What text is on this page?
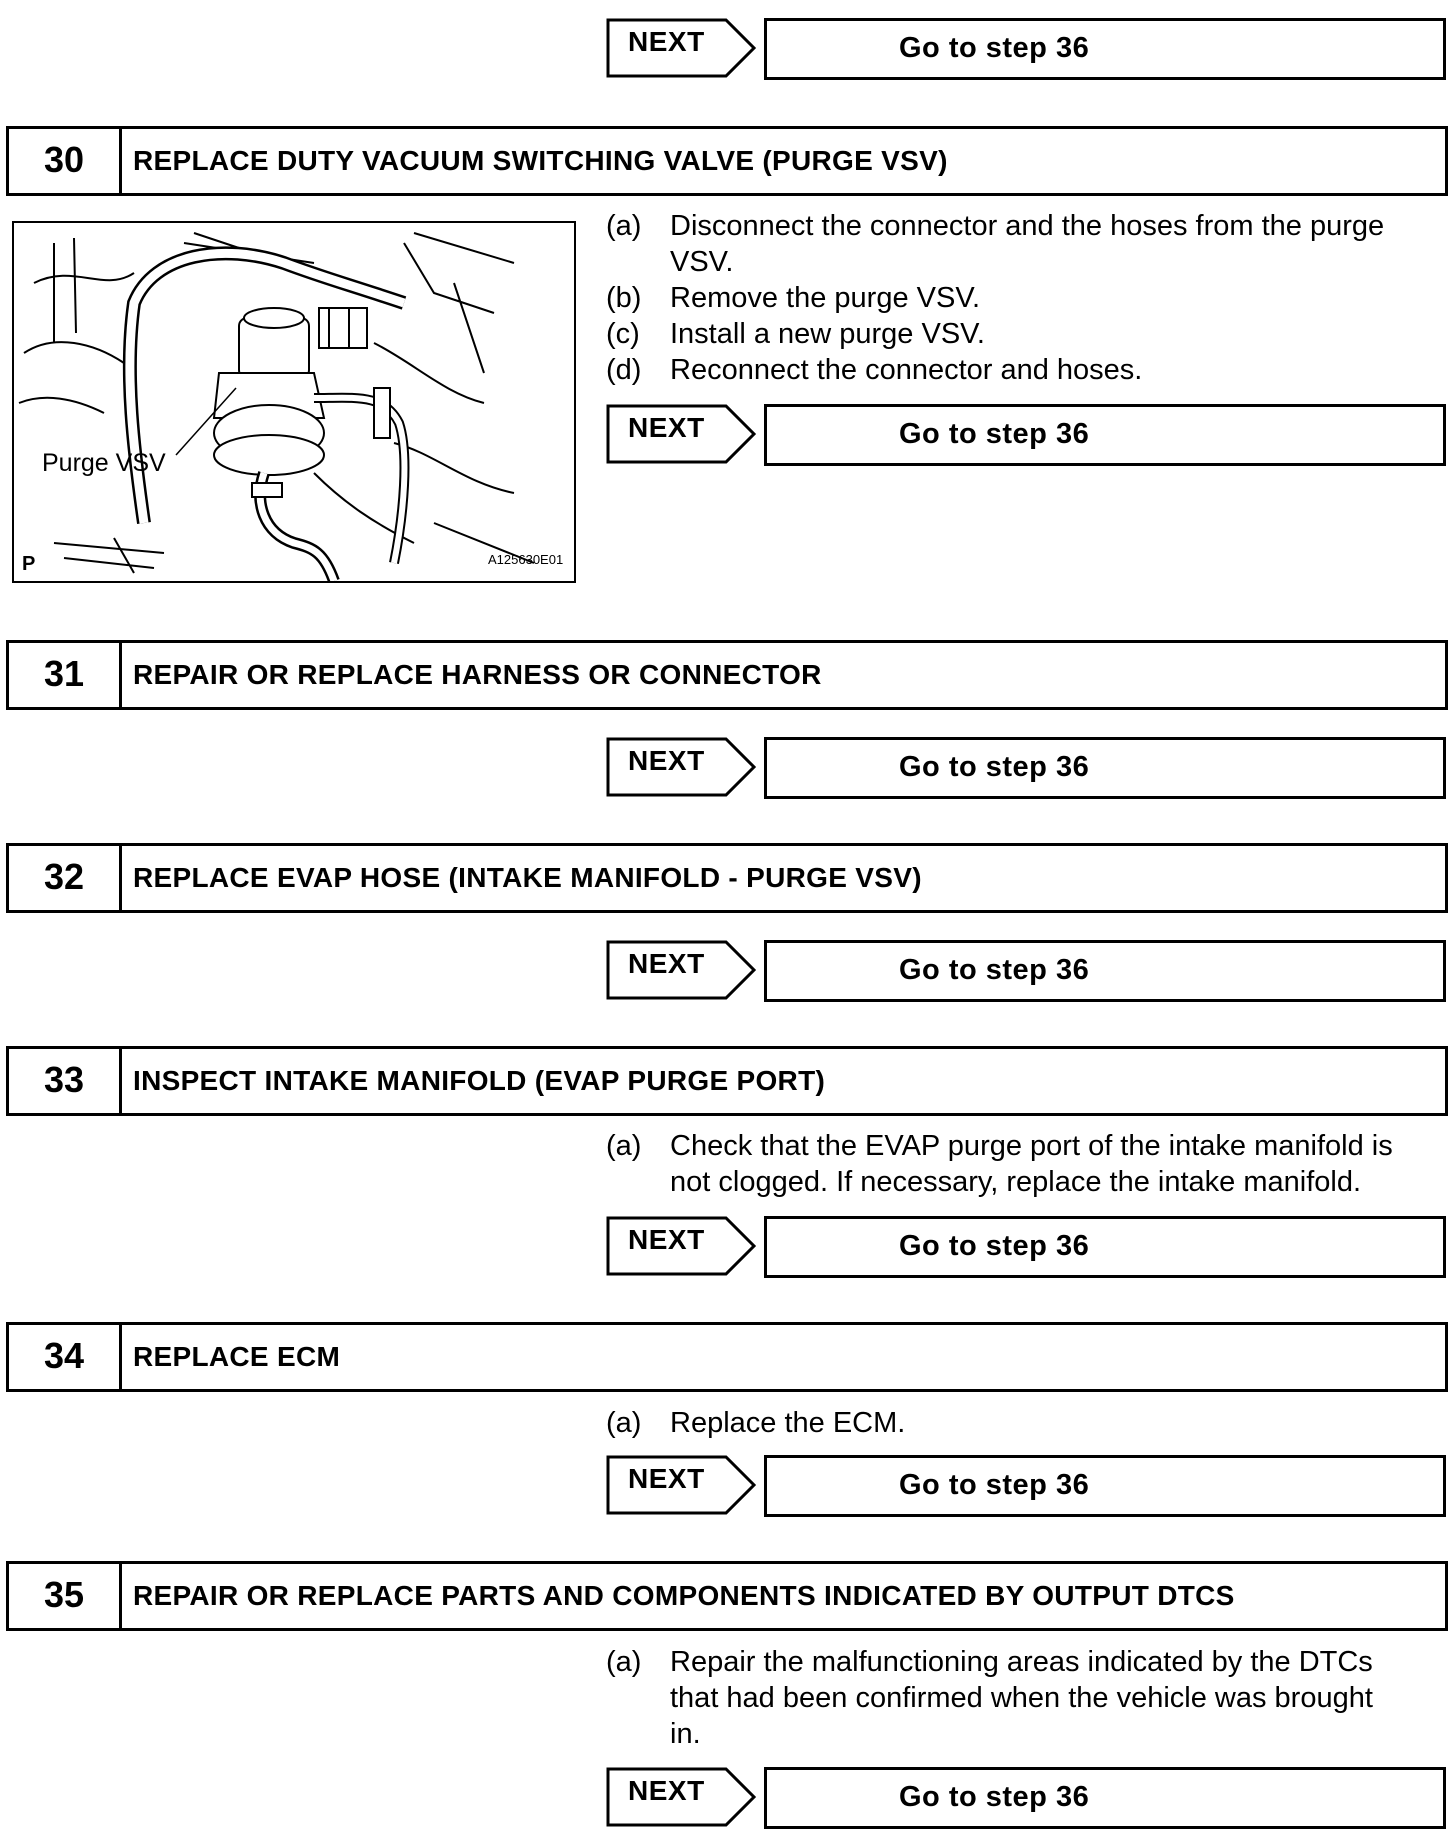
NEXT	Go to step 36
30	REPLACE DUTY VACUUM SWITCHING VALVE (PURGE VSV)
Purge VSV
A125630E01
P
(a) Disconnect the connector and the hoses from the purge
VSV.
(b) Remove the purge VSV.
(c) Install a new purge VSV.
(d) Reconnect the connector and hoses.
NEXT	Go to step 36
31	REPAIR OR REPLACE HARNESS OR CONNECTOR
NEXT	Go to step 36
32	REPLACE EVAP HOSE (INTAKE MANIFOLD - PURGE VSV)
NEXT	Go to step 36
33	INSPECT INTAKE MANIFOLD (EVAP PURGE PORT)
(a) Check that the EVAP purge port of the intake manifold is
not clogged. If necessary, replace the intake manifold.
NEXT	Go to step 36
34	REPLACE ECM
(a) Replace the ECM.
NEXT	Go to step 36
35	REPAIR OR REPLACE PARTS AND COMPONENTS INDICATED BY OUTPUT DTCS
(a) Repair the malfunctioning areas indicated by the DTCs
that had been confirmed when the vehicle was brought
in.
NEXT	Go to step 36
